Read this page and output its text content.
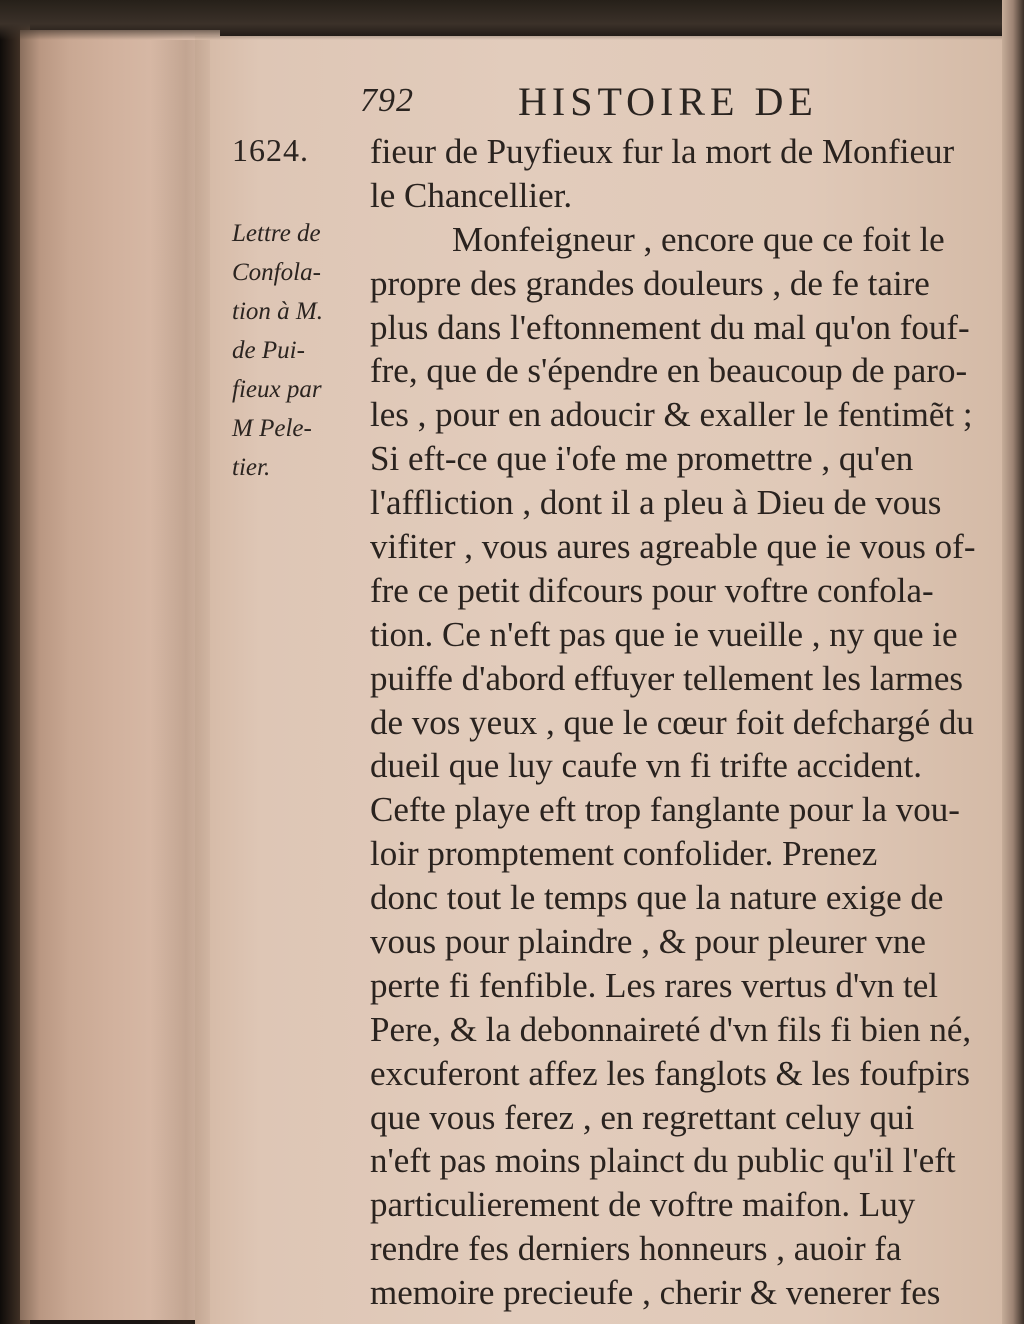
792	HISTOIRE DE
1624.
Lettre de
Confola-
tion à M.
de Pui-
fieux par
M Pele-
tier.
fieur de Puyfieux fur la mort de Monfieur
le Chancellier.
Monfeigneur , encore que ce foit le
propre des grandes douleurs , de fe taire
plus dans l'eftonnement du mal qu'on fouf-
fre, que de s'épendre en beaucoup de paro-
les , pour en adoucir & exaller le fentimẽt ;
Si eft-ce que i'ofe me promettre , qu'en
l'affliction , dont il a pleu à Dieu de vous
vifiter , vous aures agreable que ie vous of-
fre ce petit difcours pour voftre confola-
tion. Ce n'eft pas que ie vueille , ny que ie
puiffe d'abord effuyer tellement les larmes
de vos yeux , que le cœur foit defchargé du
dueil que luy caufe vn fi trifte accident.
Cefte playe eft trop fanglante pour la vou-
loir promptement confolider. Prenez
donc tout le temps que la nature exige de
vous pour plaindre , & pour pleurer vne
perte fi fenfible. Les rares vertus d'vn tel
Pere, & la debonnaireté d'vn fils fi bien né,
excuferont affez les fanglots & les foufpirs
que vous ferez , en regrettant celuy qui
n'eft pas moins plainct du public qu'il l'eft
particulierement de voftre maifon. Luy
rendre fes derniers honneurs , auoir fa
memoire precieufe , cherir & venerer fes
